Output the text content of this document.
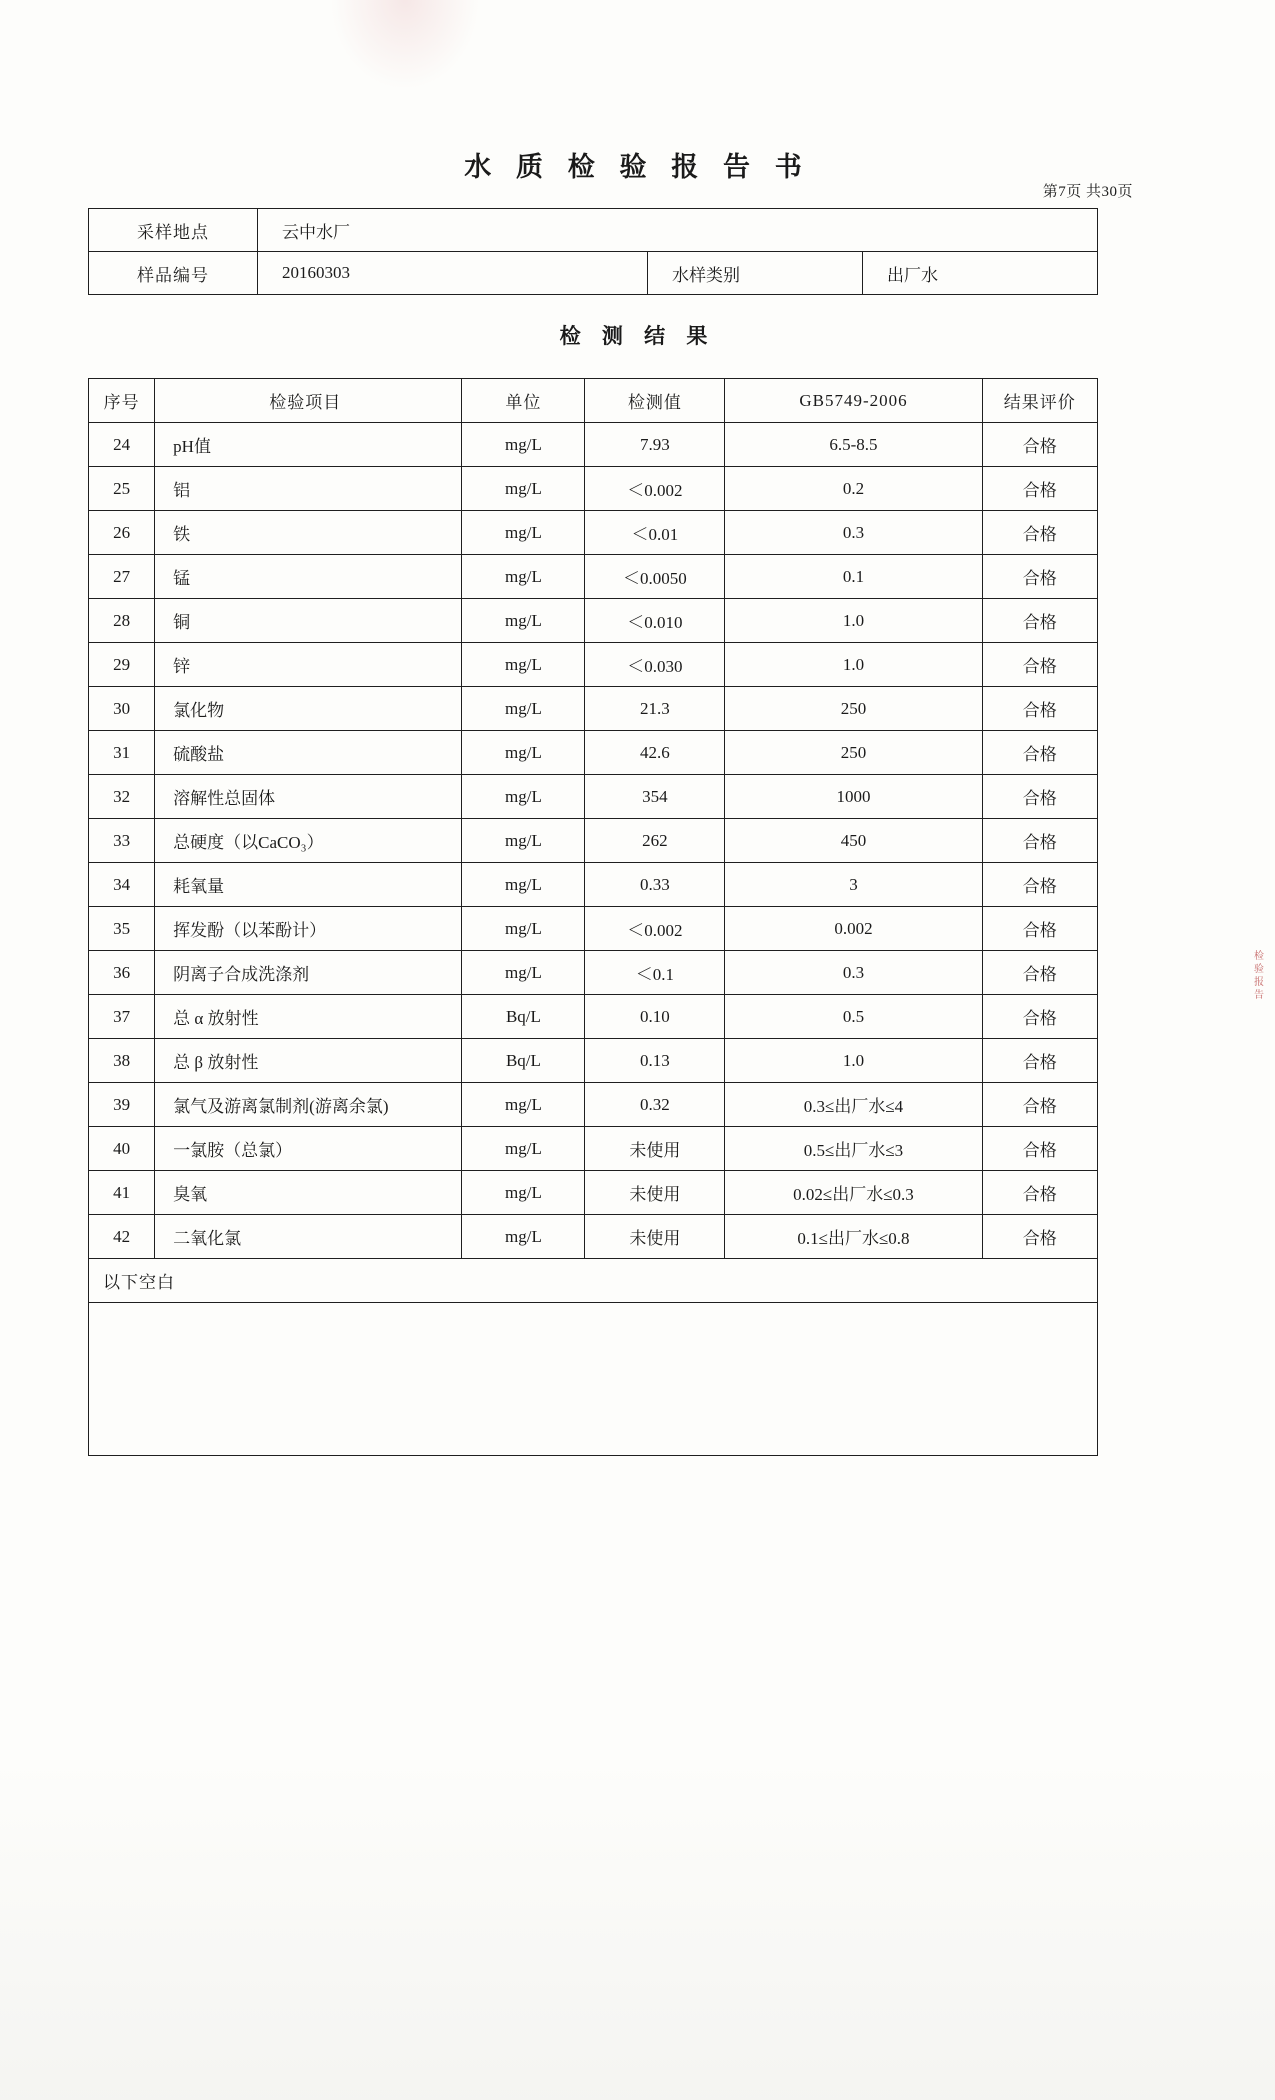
水 质 检 验 报 告 书
第7页 共30页
采样地点	云中水厂		
样品编号	20160303	水样类别	出厂水
检 测 结 果
序号	检验项目	单位	检测值	GB5749-2006	结果评价
24	pH值	mg/L	7.93	6.5-8.5	合格
25	铝	mg/L	＜0.002	0.2	合格
26	铁	mg/L	＜0.01	0.3	合格
27	锰	mg/L	＜0.0050	0.1	合格
28	铜	mg/L	＜0.010	1.0	合格
29	锌	mg/L	＜0.030	1.0	合格
30	氯化物	mg/L	21.3	250	合格
31	硫酸盐	mg/L	42.6	250	合格
32	溶解性总固体	mg/L	354	1000	合格
33	总硬度（以CaCO₃）	mg/L	262	450	合格
34	耗氧量	mg/L	0.33	3	合格
35	挥发酚（以苯酚计）	mg/L	＜0.002	0.002	合格
36	阴离子合成洗涤剂	mg/L	＜0.1	0.3	合格
37	总 α 放射性	Bq/L	0.10	0.5	合格
38	总 β 放射性	Bq/L	0.13	1.0	合格
39	氯气及游离氯制剂(游离余氯)	mg/L	0.32	0.3≤出厂水≤4	合格
40	一氯胺（总氯）	mg/L	未使用	0.5≤出厂水≤3	合格
41	臭氧	mg/L	未使用	0.02≤出厂水≤0.3	合格
42	二氧化氯	mg/L	未使用	0.1≤出厂水≤0.8	合格
以下空白					
检
验
报
告
